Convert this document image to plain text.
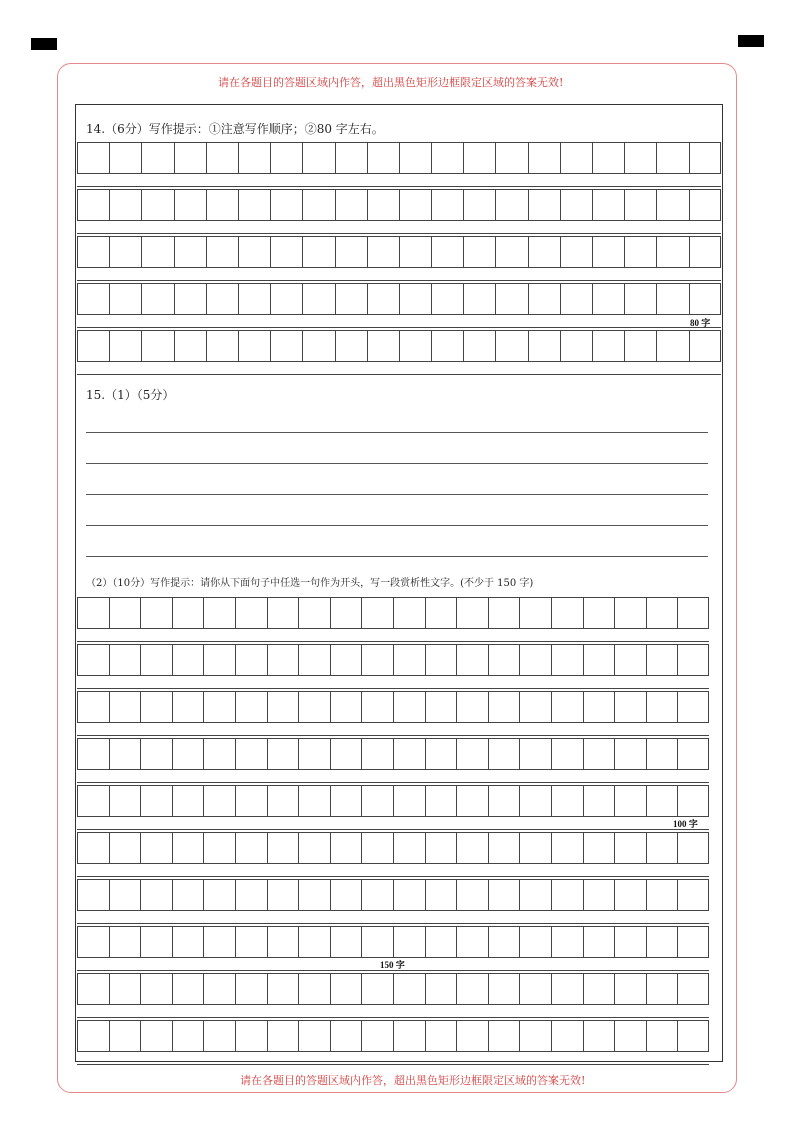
请在各题目的答题区域内作答，超出黑色矩形边框限定区域的答案无效!
请在各题目的答题区域内作答，超出黑色矩形边框限定区域的答案无效!
14.（6分）写作提示：①注意写作顺序；②80 字左右。
80 字
15.（1）（5分）
（2）（10分）写作提示：请你从下面句子中任选一句作为开头，写一段赏析性文字。(不少于 150 字)
100 字
150 字
